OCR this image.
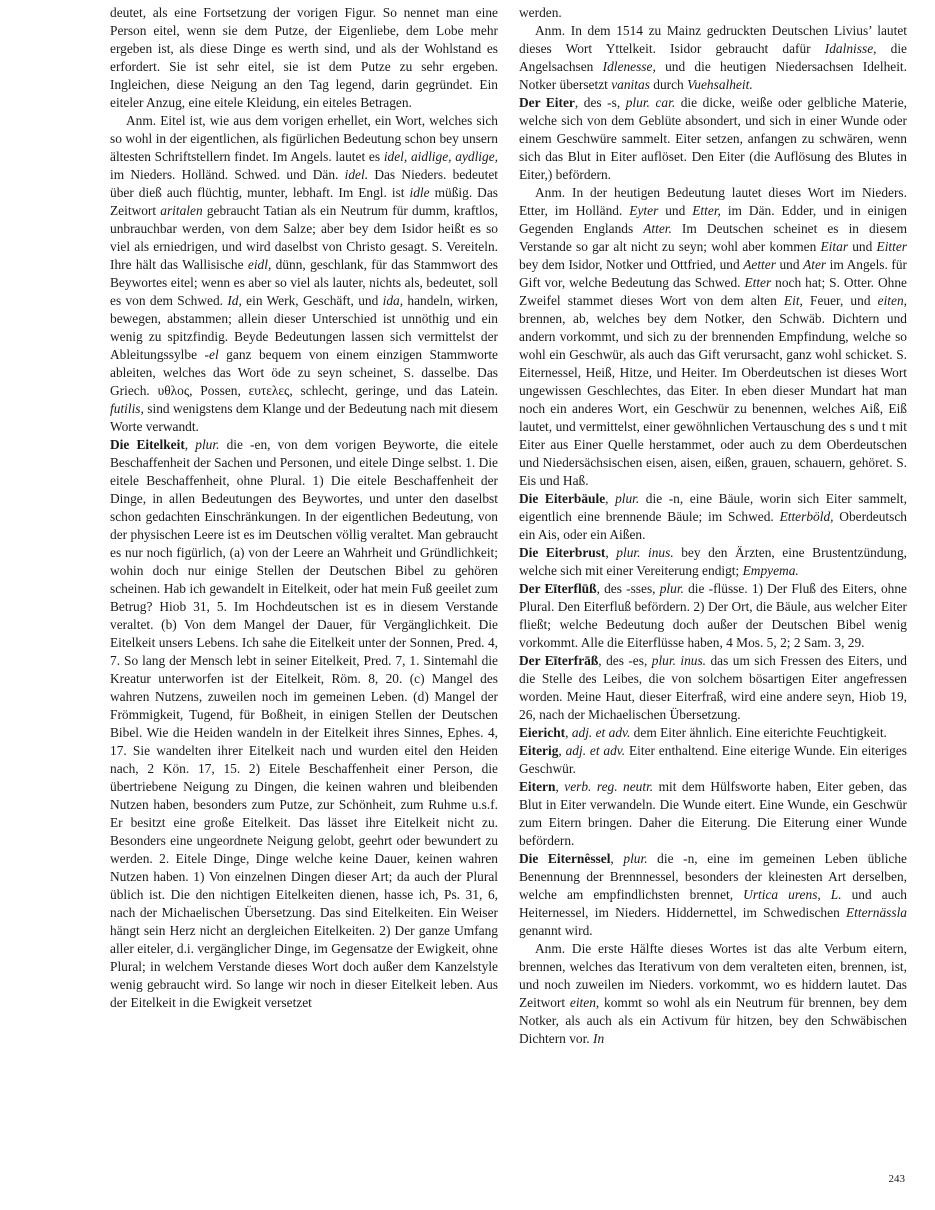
deutet, als eine Fortsetzung der vorigen Figur. So nennet man eine Person eitel, wenn sie dem Putze, der Eigenliebe, dem Lobe mehr ergeben ist, als diese Dinge es werth sind, und als der Wohlstand es erfordert. Sie ist sehr eitel, sie ist dem Putze zu sehr ergeben. Ingleichen, diese Neigung an den Tag legend, darin gegründet. Ein eiteler Anzug, eine eitele Kleidung, ein eiteles Betragen.

Anm. Eitel ist, wie aus dem vorigen erhellet, ein Wort, welches sich so wohl in der eigentlichen, als figürlichen Bedeutung schon bey unsern ältesten Schriftstellern findet. Im Angels. lautet es idel, aidlige, aydlige, im Nieders. Holländ. Schwed. und Dän. idel. Das Nieders. bedeutet über dieß auch flüchtig, munter, lebhaft. Im Engl. ist idle müßig. Das Zeitwort aritalen gebraucht Tatian als ein Neutrum für dumm, kraftlos, unbrauchbar werden, von dem Salze; aber bey dem Isidor heißt es so viel als erniedrigen, und wird daselbst von Christo gesagt. S. Vereiteln. Ihre hält das Wallisische eidl, dünn, geschlank, für das Stammwort des Beywortes eitel; wenn es aber so viel als lauter, nichts als, bedeutet, soll es von dem Schwed. Id, ein Werk, Geschäft, und ida, handeln, wirken, bewegen, abstammen; allein dieser Unterschied ist unnöthig und ein wenig zu spitzfindig. Beyde Bedeutungen lassen sich vermittelst der Ableitungssylbe -el ganz bequem von einem einzigen Stammworte ableiten, welches das Wort öde zu seyn scheinet, S. dasselbe. Das Griech. υθλος, Possen, ευτελες, schlecht, geringe, und das Latein. futilis, sind wenigstens dem Klange und der Bedeutung nach mit diesem Worte verwandt.

Die Eitelkeit, plur. die -en, von dem vorigen Beyworte, die eitele Beschaffenheit der Sachen und Personen, und eitele Dinge selbst. 1. Die eitele Beschaffenheit, ohne Plural. 1) Die eitele Beschaffenheit der Dinge, in allen Bedeutungen des Beywortes, und unter den daselbst schon gedachten Einschränkungen. In der eigentlichen Bedeutung, von der physischen Leere ist es im Deutschen völlig veraltet. Man gebraucht es nur noch figürlich, (a) von der Leere an Wahrheit und Gründlichkeit; wohin doch nur einige Stellen der Deutschen Bibel zu gehören scheinen. Hab ich gewandelt in Eitelkeit, oder hat mein Fuß geeilet zum Betrug? Hiob 31, 5. Im Hochdeutschen ist es in diesem Verstande veraltet. (b) Von dem Mangel der Dauer, für Vergänglichkeit. Die Eitelkeit unsers Lebens. Ich sahe die Eitelkeit unter der Sonnen, Pred. 4, 7. So lang der Mensch lebt in seiner Eitelkeit, Pred. 7, 1. Sintemahl die Kreatur unterworfen ist der Eitelkeit, Röm. 8, 20. (c) Mangel des wahren Nutzens, zuweilen noch im gemeinen Leben. (d) Mangel der Frömmigkeit, Tugend, für Boßheit, in einigen Stellen der Deutschen Bibel. Wie die Heiden wandeln in der Eitelkeit ihres Sinnes, Ephes. 4, 17. Sie wandelten ihrer Eitelkeit nach und wurden eitel den Heiden nach, 2 Kön. 17, 15. 2) Eitele Beschaffenheit einer Person, die übertriebene Neigung zu Dingen, die keinen wahren und bleibenden Nutzen haben, besonders zum Putze, zur Schönheit, zum Ruhme u.s.f. Er besitzt eine große Eitelkeit. Das lässet ihre Eitelkeit nicht zu. Besonders eine ungeordnete Neigung gelobt, geehrt oder bewundert zu werden. 2. Eitele Dinge, Dinge welche keine Dauer, keinen wahren Nutzen haben. 1) Von einzelnen Dingen dieser Art; da auch der Plural üblich ist. Die den nichtigen Eitelkeiten dienen, hasse ich, Ps. 31, 6, nach der Michaelischen Übersetzung. Das sind Eitelkeiten. Ein Weiser hängt sein Herz nicht an dergleichen Eitelkeiten. 2) Der ganze Umfang aller eiteler, d.i. vergänglicher Dinge, im Gegensatze der Ewigkeit, ohne Plural; in welchem Verstande dieses Wort doch außer dem Kanzelstyle wenig gebraucht wird. So lange wir noch in dieser Eitelkeit leben. Aus der Eitelkeit in die Ewigkeit versetzet

werden.

Anm. In dem 1514 zu Mainz gedruckten Deutschen Livius’ lautet dieses Wort Yttelkeit. Isidor gebraucht dafür Idalnisse, die Angelsachsen Idlenesse, und die heutigen Niedersachsen Idelheit. Notker übersetzt vanitas durch Vuehsalheit.

Der Eiter, des -s, plur. car. die dicke, weiße oder gelbliche Materie, welche sich von dem Geblüte absondert, und sich in einer Wunde oder einem Geschwüre sammelt. Eiter setzen, anfangen zu schwären, wenn sich das Blut in Eiter auflöset. Den Eiter (die Auflösung des Blutes in Eiter,) befördern.

Anm. In der heutigen Bedeutung lautet dieses Wort im Nieders. Etter, im Holländ. Eyter und Etter, im Dän. Edder, und in einigen Gegenden Englands Atter. Im Deutschen scheinet es in diesem Verstande so gar alt nicht zu seyn; wohl aber kommen Eitar und Eitter bey dem Isidor, Notker und Ottfried, und Aetter und Ater im Angels. für Gift vor, welche Bedeutung das Schwed. Etter noch hat; S. Otter. Ohne Zweifel stammet dieses Wort von dem alten Eit, Feuer, und eiten, brennen, ab, welches bey dem Notker, den Schwäb. Dichtern und andern vorkommt, und sich zu der brennenden Empfindung, welche so wohl ein Geschwür, als auch das Gift verursacht, ganz wohl schicket. S. Eiternessel, Heiß, Hitze, und Heiter. Im Oberdeutschen ist dieses Wort ungewissen Geschlechtes, das Eiter. In eben dieser Mundart hat man noch ein anderes Wort, ein Geschwür zu benennen, welches Aiß, Eiß lautet, und vermittelst, einer gewöhnlichen Vertauschung des s und t mit Eiter aus Einer Quelle herstammet, oder auch zu dem Oberdeutschen und Niedersächsischen eisen, aisen, eißen, grauen, schauern, gehöret. S. Eis und Haß.

Die Eiterbäule, plur. die -n, eine Bäule, worin sich Eiter sammelt, eigentlich eine brennende Bäule; im Schwed. Etterböld, Oberdeutsch ein Ais, oder ein Aißen.

Die Eiterbrust, plur. inus. bey den Ärzten, eine Brustentzündung, welche sich mit einer Vereiterung endigt; Empyema.

Der Eīterflūß, des -sses, plur. die -flüsse. 1) Der Fluß des Eiters, ohne Plural. Den Eiterfluß befördern. 2) Der Ort, die Bäule, aus welcher Eiter fließt; welche Bedeutung doch außer der Deutschen Bibel wenig vorkommt. Alle die Eiterflüsse haben, 4 Mos. 5, 2; 2 Sam. 3, 29.

Der Eīterfrāß, des -es, plur. inus. das um sich Fressen des Eiters, und die Stelle des Leibes, die von solchem bösartigen Eiter angefressen worden. Meine Haut, dieser Eiterfraß, wird eine andere seyn, Hiob 19, 26, nach der Michaelischen Übersetzung.

Eiericht, adj. et adv. dem Eiter ähnlich. Eine eiterichte Feuchtigkeit.

Eiterig, adj. et adv. Eiter enthaltend. Eine eiterige Wunde. Ein eiteriges Geschwür.

Eitern, verb. reg. neutr. mit dem Hülfsworte haben, Eiter geben, das Blut in Eiter verwandeln. Die Wunde eitert. Eine Wunde, ein Geschwür zum Eitern bringen. Daher die Eiterung. Die Eiterung einer Wunde befördern.

Die Eiternêssel, plur. die -n, eine im gemeinen Leben übliche Benennung der Brennnessel, besonders der kleinesten Art derselben, welche am empfindlichsten brennet, Urtica urens, L. und auch Heiternessel, im Nieders. Hiddernettel, im Schwedischen Etternässla genannt wird.

Anm. Die erste Hälfte dieses Wortes ist das alte Verbum eitern, brennen, welches das Iterativum von dem veralteten eiten, brennen, ist, und noch zuweilen im Nieders. vorkommt, wo es hiddern lautet. Das Zeitwort eiten, kommt so wohl als ein Neutrum für brennen, bey dem Notker, als auch als ein Activum für hitzen, bey den Schwäbischen Dichtern vor. In

243
